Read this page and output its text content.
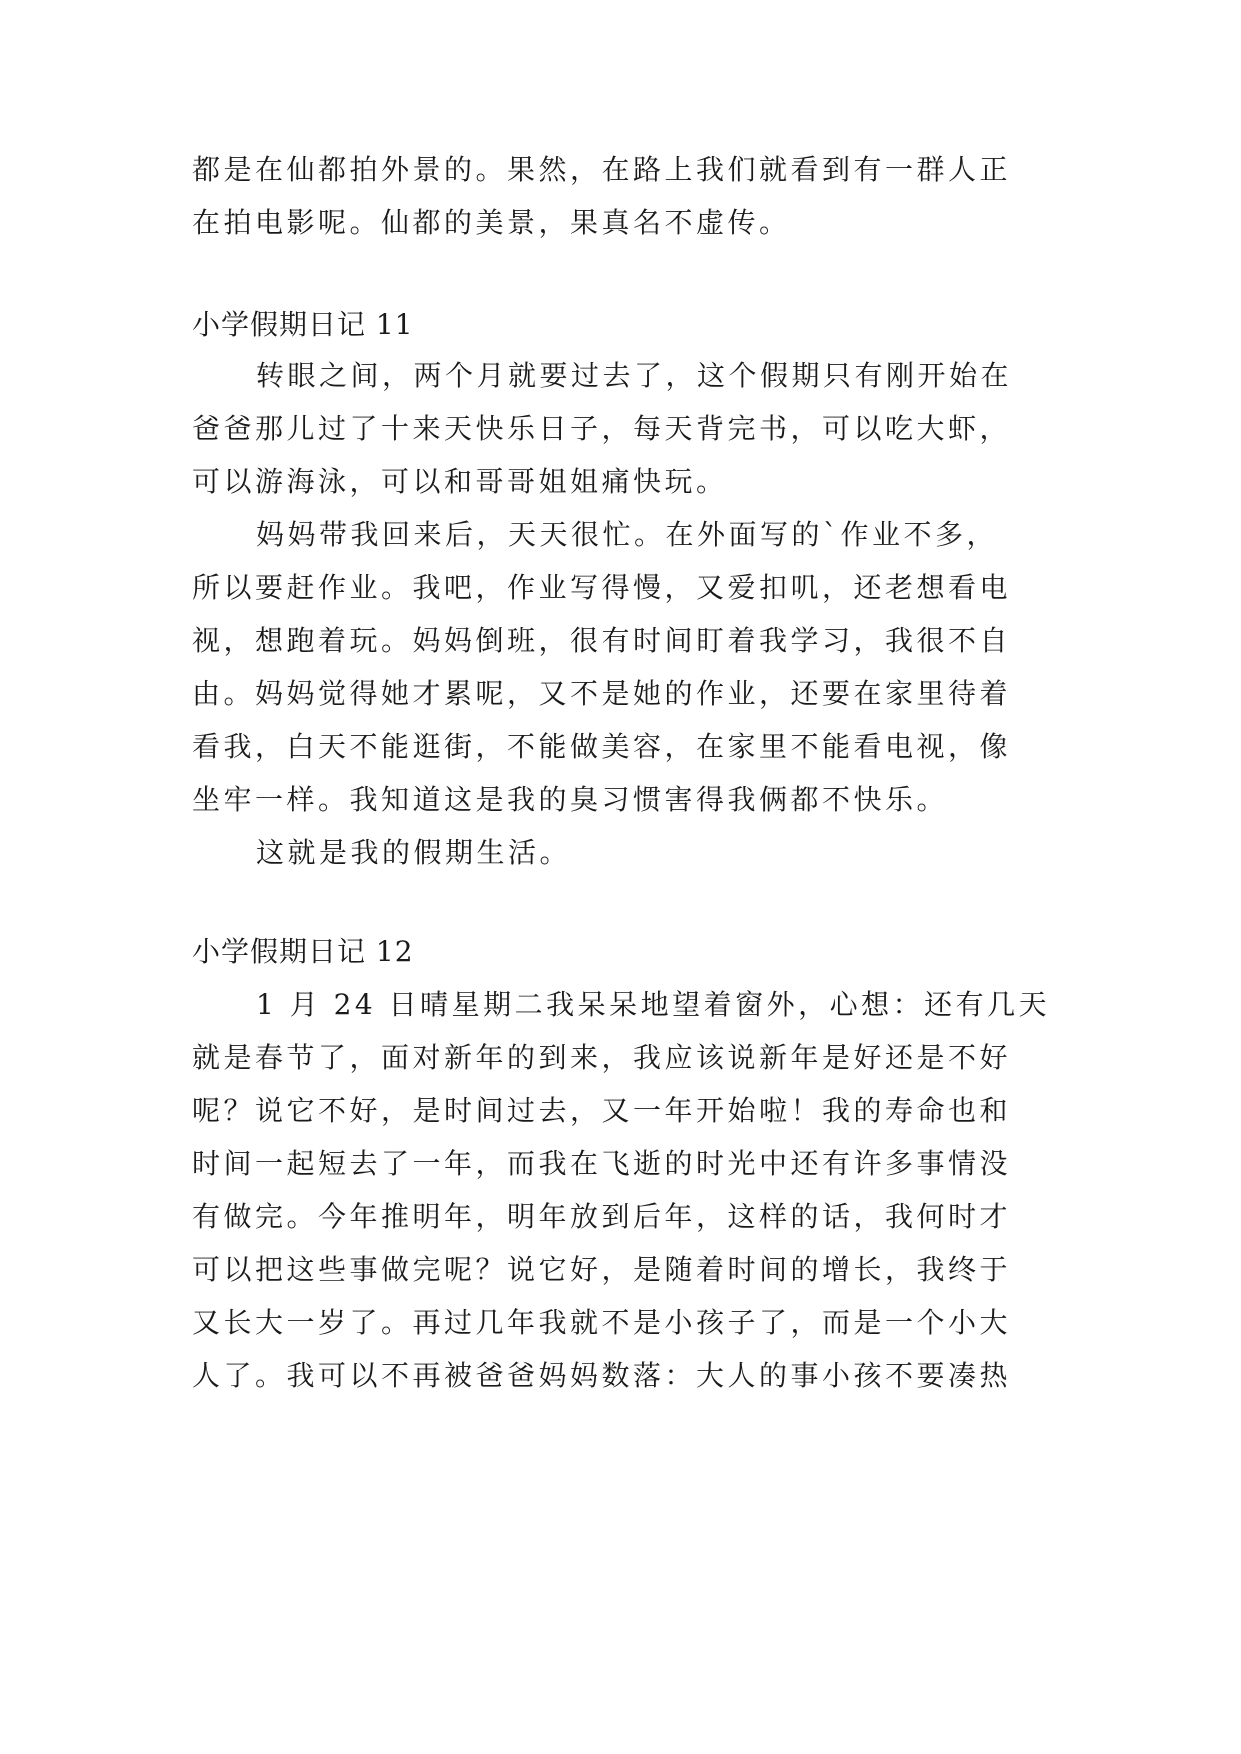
都是在仙都拍外景的。果然，在路上我们就看到有一群人正
在拍电影呢。仙都的美景，果真名不虚传。
小学假期日记 11
转眼之间，两个月就要过去了，这个假期只有刚开始在
爸爸那儿过了十来天快乐日子，每天背完书，可以吃大虾，
可以游海泳，可以和哥哥姐姐痛快玩。
妈妈带我回来后，天天很忙。在外面写的`作业不多，
所以要赶作业。我吧，作业写得慢，又爱扣叽，还老想看电
视，想跑着玩。妈妈倒班，很有时间盯着我学习，我很不自
由。妈妈觉得她才累呢，又不是她的作业，还要在家里待着
看我，白天不能逛街，不能做美容，在家里不能看电视，像
坐牢一样。我知道这是我的臭习惯害得我俩都不快乐。
这就是我的假期生活。
小学假期日记 12
1 月 24 日晴星期二我呆呆地望着窗外，心想：还有几天
就是春节了，面对新年的到来，我应该说新年是好还是不好
呢？说它不好，是时间过去，又一年开始啦！我的寿命也和
时间一起短去了一年，而我在飞逝的时光中还有许多事情没
有做完。今年推明年，明年放到后年，这样的话，我何时才
可以把这些事做完呢？说它好，是随着时间的增长，我终于
又长大一岁了。再过几年我就不是小孩子了，而是一个小大
人了。我可以不再被爸爸妈妈数落：大人的事小孩不要凑热
